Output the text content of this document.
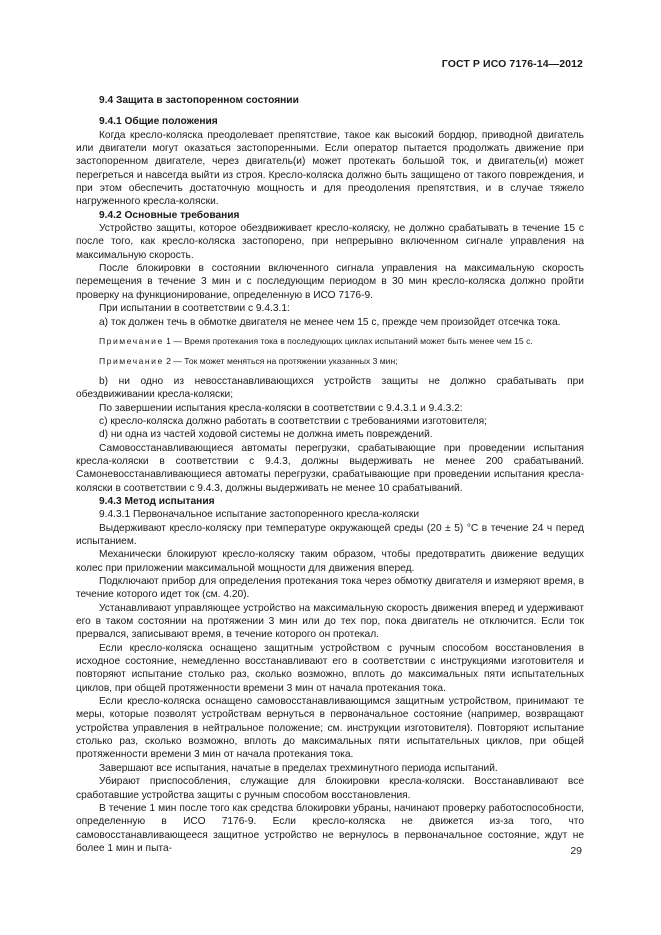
ГОСТ Р ИСО 7176-14—2012

9.4 Защита в застопоренном состоянии

9.4.1 Общие положения

Когда кресло-коляска преодолевает препятствие, такое как высокий бордюр, приводной двигатель или двигатели могут оказаться застопоренными. Если оператор пытается продолжать движение при застопоренном двигателе, через двигатель(и) может протекать большой ток, и двигатель(и) может перегреться и навсегда выйти из строя. Кресло-коляска должно быть защищено от такого повреждения, и при этом обеспечить достаточную мощность и для преодоления препятствия, и в случае тяжело нагруженного кресла-коляски.

9.4.2 Основные требования

Устройство защиты, которое обездвиживает кресло-коляску, не должно срабатывать в течение 15 с после того, как кресло-коляска застопорено, при непрерывно включенном сигнале управления на максимальную скорость.

После блокировки в состоянии включенного сигнала управления на максимальную скорость перемещения в течение 3 мин и с последующим периодом в 30 мин кресло-коляска должно пройти проверку на функционирование, определенную в ИСО 7176-9.

При испытании в соответствии с 9.4.3.1:

а) ток должен течь в обмотке двигателя не менее чем 15 с, прежде чем произойдет отсечка тока.

Примечание 1 — Время протекания тока в последующих циклах испытаний может быть менее чем 15 с.

Примечание 2 — Ток может меняться на протяжении указанных 3 мин;

b) ни одно из невосстанавливающихся устройств защиты не должно срабатывать при обездвиживании кресла-коляски;

По завершении испытания кресла-коляски в соответствии с 9.4.3.1 и 9.4.3.2:

с) кресло-коляска должно работать в соответствии с требованиями изготовителя;

d) ни одна из частей ходовой системы не должна иметь повреждений.

Самовосстанавливающиеся автоматы перегрузки, срабатывающие при проведении испытания кресла-коляски в соответствии с 9.4.3, должны выдерживать не менее 200 срабатываний. Самоневосстанавливающиеся автоматы перегрузки, срабатывающие при проведении испытания кресла-коляски в соответствии с 9.4.3, должны выдерживать не менее 10 срабатываний.

9.4.3 Метод испытания

9.4.3.1 Первоначальное испытание застопоренного кресла-коляски

Выдерживают кресло-коляску при температуре окружающей среды (20 ± 5) °С в течение 24 ч перед испытанием.

Механически блокируют кресло-коляску таким образом, чтобы предотвратить движение ведущих колес при приложении максимальной мощности для движения вперед.

Подключают прибор для определения протекания тока через обмотку двигателя и измеряют время, в течение которого идет ток (см. 4.20).

Устанавливают управляющее устройство на максимальную скорость движения вперед и удерживают его в таком состоянии на протяжении 3 мин или до тех пор, пока двигатель не отключится. Если ток прервался, записывают время, в течение которого он протекал.

Если кресло-коляска оснащено защитным устройством с ручным способом восстановления в исходное состояние, немедленно восстанавливают его в соответствии с инструкциями изготовителя и повторяют испытание столько раз, сколько возможно, вплоть до максимальных пяти испытательных циклов, при общей протяженности времени 3 мин от начала протекания тока.

Если кресло-коляска оснащено самовосстанавливающимся защитным устройством, принимают те меры, которые позволят устройствам вернуться в первоначальное состояние (например, возвращают устройства управления в нейтральное положение; см. инструкции изготовителя). Повторяют испытание столько раз, сколько возможно, вплоть до максимальных пяти испытательных циклов, при общей протяженности времени 3 мин от начала протекания тока.

Завершают все испытания, начатые в пределах трехминутного периода испытаний.

Убирают приспособления, служащие для блокировки кресла-коляски. Восстанавливают все сработавшие устройства защиты с ручным способом восстановления.

В течение 1 мин после того как средства блокировки убраны, начинают проверку работоспособности, определенную в ИСО 7176-9. Если кресло-коляска не движется из-за того, что самовосстанавливающееся защитное устройство не вернулось в первоначальное состояние, ждут не более 1 мин и пыта-	29
